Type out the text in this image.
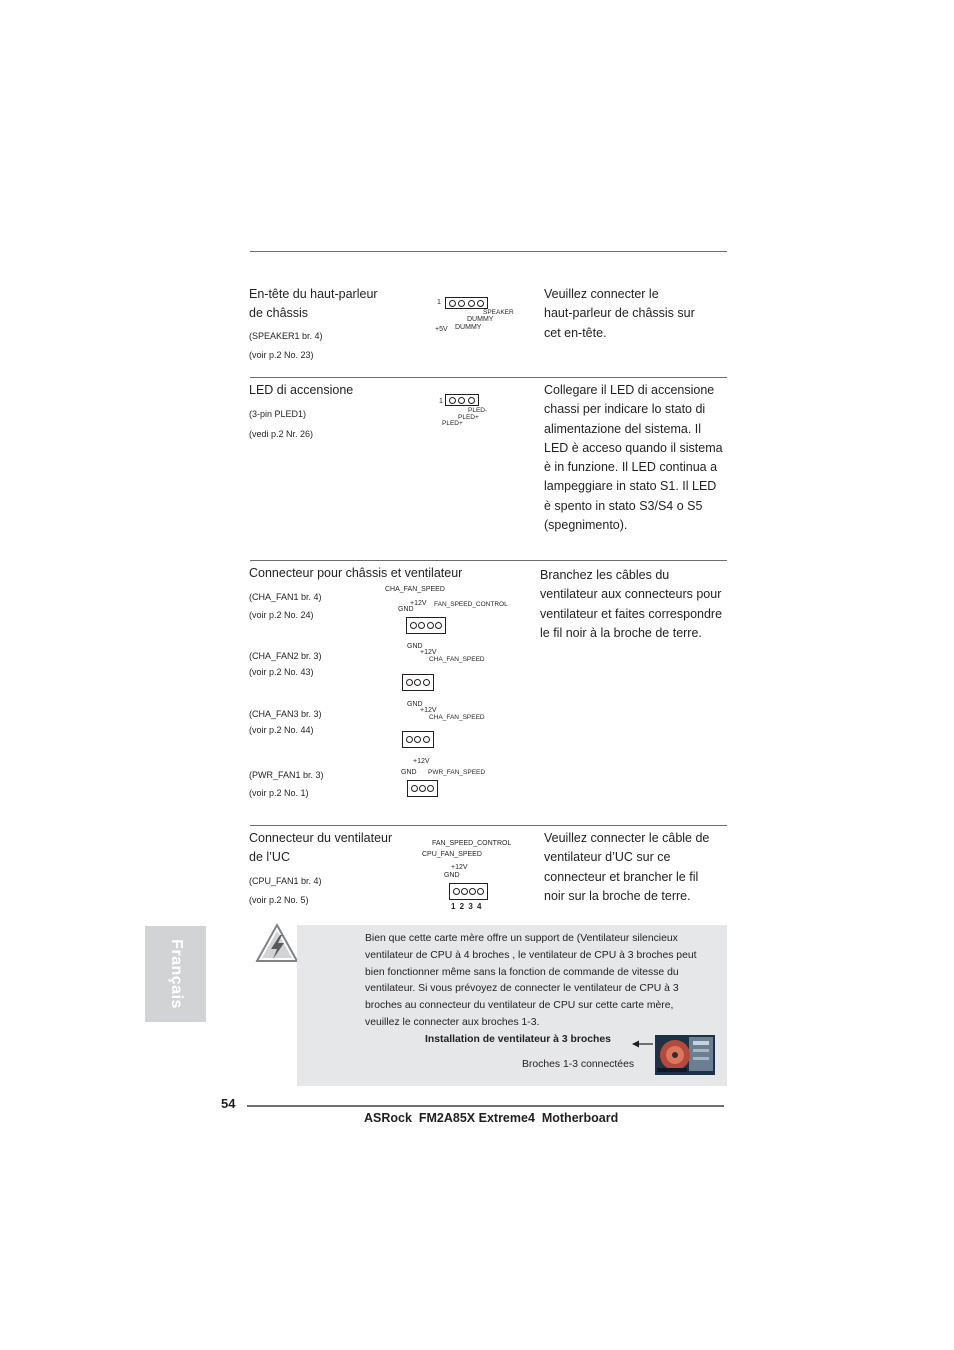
En-tête du haut-parleur
de châssis
(SPEAKER1 br. 4)
(voir p.2 No. 23)
1
SPEAKER
DUMMY
+5V DUMMY
Veuillez connecter le
haut-parleur de châssis sur
cet en-tête.
LED di accensione
(3-pin PLED1)
(vedi p.2 Nr. 26)
1
PLED-
PLED+
PLED+
Collegare il LED di accensione
chassi per indicare lo stato di
alimentazione del sistema. Il
LED è acceso quando il sistema
è in funzione. Il LED continua a
lampeggiare in stato S1. Il LED
è spento in stato S3/S4 o S5
(spegnimento).
Connecteur pour châssis et ventilateur	Branchez les câbles du
ventilateur aux connecteurs pour
ventilateur et faites correspondre
le fil noir à la broche de terre.
(CHA_FAN1 br. 4)
(voir p.2 No. 24)
CHA_FAN_SPEED
+12V
GND
FAN_SPEED_CONTROL
(CHA_FAN2 br. 3)
(voir p.2 No. 43)
GND
+12V
CHA_FAN_SPEED
(CHA_FAN3 br. 3)
(voir p.2 No. 44)
GND
+12V
CHA_FAN_SPEED
(PWR_FAN1 br. 3)
(voir p.2 No. 1)
+12V
GND PWR_FAN_SPEED
Connecteur du ventilateur
de l’UC
(CPU_FAN1 br. 4)
(voir p.2 No. 5)
FAN_SPEED_CONTROL
CPU_FAN_SPEED
+12V
GND
1 2 3 4
Veuillez connecter le câble de
ventilateur d’UC sur ce
connecteur et brancher le fil
noir sur la broche de terre.
Français
Bien que cette carte mère offre un support de (Ventilateur silencieux
ventilateur de CPU à 4 broches , le ventilateur de CPU à 3 broches peut
bien fonctionner même sans la fonction de commande de vitesse du
ventilateur. Si vous prévoyez de connecter le ventilateur de CPU à 3
broches au connecteur du ventilateur de CPU sur cette carte mère,
veuillez le connecter aux broches 1-3.
Installation de ventilateur à 3 broches
Broches 1-3 connectées
54
ASRock  FM2A85X Extreme4  Motherboard
